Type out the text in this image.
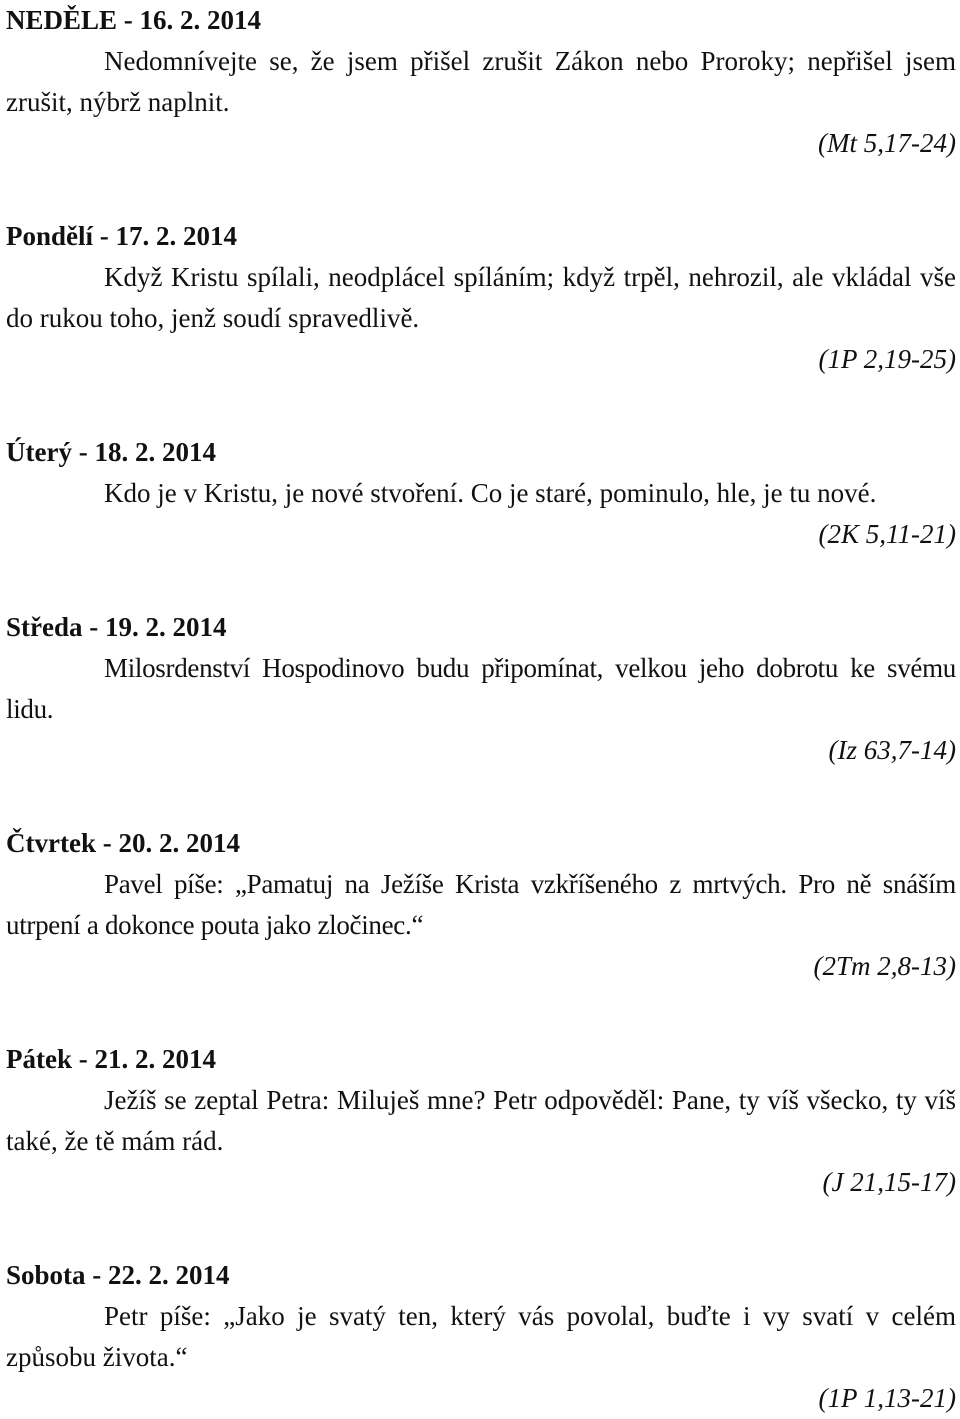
NEDĚLE - 16. 2. 2014

Nedomnívejte se, že jsem přišel zrušit Zákon nebo Proroky; nepřišel jsem zrušit, nýbrž naplnit.

(Mt 5,17-24)

Pondělí - 17. 2. 2014

Když Kristu spílali, neodplácel spíláním; když trpěl, nehrozil, ale vkládal vše do rukou toho, jenž soudí spravedlivě.

(1P 2,19-25)

Úterý - 18. 2. 2014

Kdo je v Kristu, je nové stvoření. Co je staré, pominulo, hle, je tu nové.

(2K 5,11-21)

Středa - 19. 2. 2014

Milosrdenství Hospodinovo budu připomínat, velkou jeho dobrotu ke svému lidu.

(Iz 63,7-14)

Čtvrtek - 20. 2. 2014

Pavel píše: „Pamatuj na Ježíše Krista vzkříšeného z mrtvých. Pro ně snáším utrpení a dokonce pouta jako zločinec.“

(2Tm 2,8-13)

Pátek - 21. 2. 2014

Ježíš se zeptal Petra: Miluješ mne? Petr odpověděl: Pane, ty víš všecko, ty víš také, že tě mám rád.

(J 21,15-17)

Sobota - 22. 2. 2014

Petr píše: „Jako je svatý ten, který vás povolal, buďte i vy svatí v celém způsobu života.“

(1P 1,13-21)
